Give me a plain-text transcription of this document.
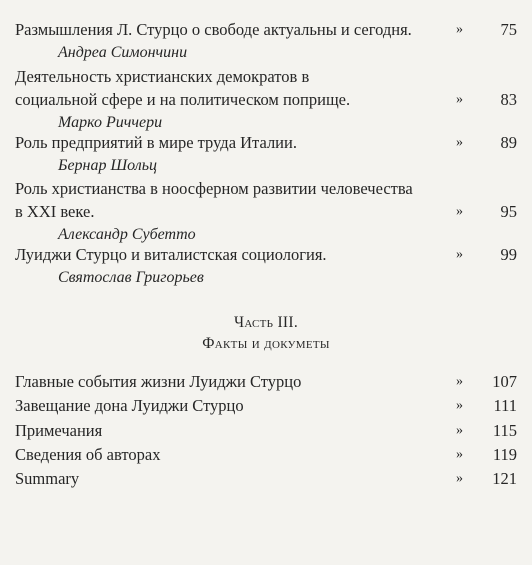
Размышления Л. Стурцо о свободе актуальны и сегодня.	»	75
Андреа Симончини
Деятельность христианских демократов в
социальной сфере и на политическом поприще.	»	83
Марко Риччери
Роль предприятий в мире труда Италии.	»	89
Бернар Шольц
Роль христианства в ноосферном развитии человечества
в XXI веке.	»	95
Александр Субетто
Луиджи Стурцо и виталистская социология.	»	99
Святослав Григорьев
Часть III.
Факты и докуметы
Главные события жизни Луиджи Стурцо	»	107
Завещание дона Луиджи Стурцо	»	111
Примечания	»	115
Сведения об авторах	»	119
Summary	»	121
